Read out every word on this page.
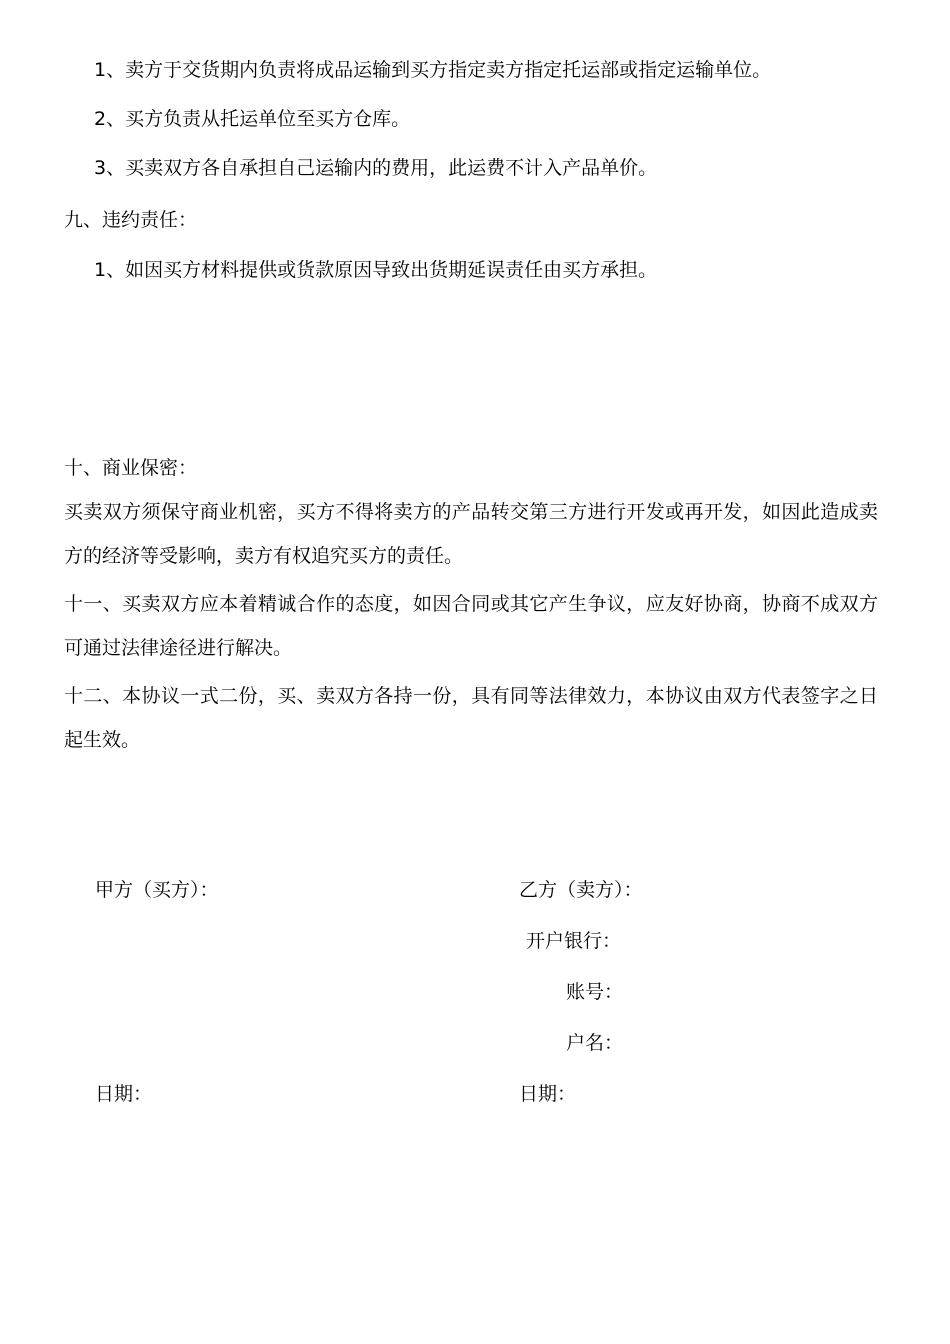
1、卖方于交货期内负责将成品运输到买方指定卖方指定托运部或指定运输单位。
2、买方负责从托运单位至买方仓库。
3、买卖双方各自承担自己运输内的费用，此运费不计入产品单价。
九、违约责任：
1、如因买方材料提供或货款原因导致出货期延误责任由买方承担。
十、商业保密：
买卖双方须保守商业机密，买方不得将卖方的产品转交第三方进行开发或再开发，如因此造成卖方的经济等受影响，卖方有权追究买方的责任。
十一、买卖双方应本着精诚合作的态度，如因合同或其它产生争议，应友好协商，协商不成双方可通过法律途径进行解决。
十二、本协议一式二份，买、卖双方各持一份，具有同等法律效力，本协议由双方代表签字之日起生效。
甲方（买方）：	乙方（卖方）：
开户银行：
账号：
户名：
日期：	日期：
